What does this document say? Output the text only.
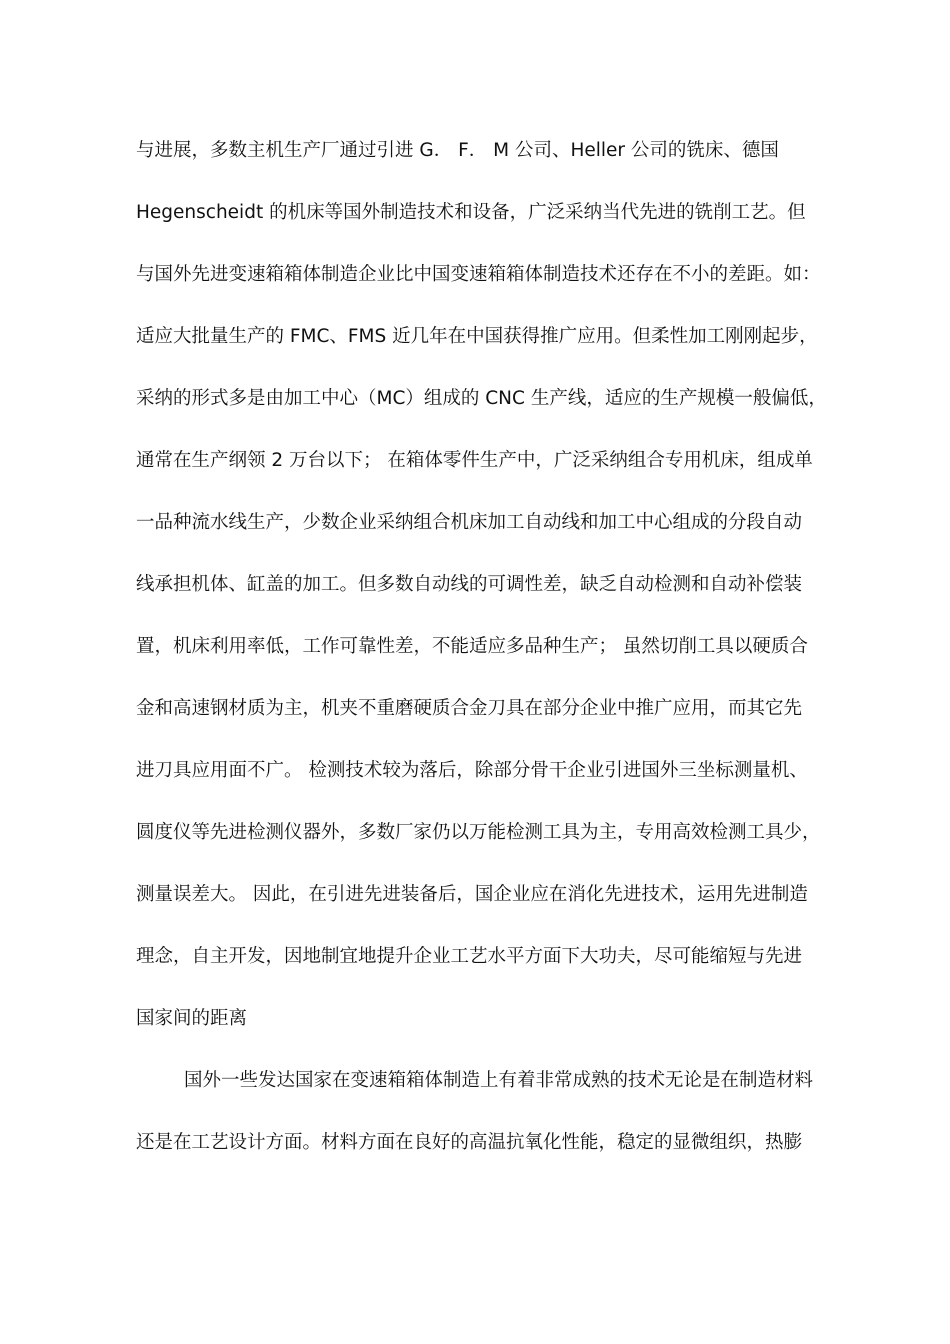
与进展，多数主机生产厂通过引进 G． F． M 公司、Heller 公司的铣床、德国
Hegenscheidt 的机床等国外制造技术和设备，广泛采纳当代先进的铣削工艺。但
与国外先进变速箱箱体制造企业比中国变速箱箱体制造技术还存在不小的差距。如：
适应大批量生产的 FMC、FMS 近几年在中国获得推广应用。但柔性加工刚刚起步，
采纳的形式多是由加工中心（MC）组成的 CNC 生产线，适应的生产规模一般偏低，
通常在生产纲领 2 万台以下； 在箱体零件生产中，广泛采纳组合专用机床，组成单
一品种流水线生产，少数企业采纳组合机床加工自动线和加工中心组成的分段自动
线承担机体、缸盖的加工。但多数自动线的可调性差，缺乏自动检测和自动补偿装
置，机床利用率低，工作可靠性差，不能适应多品种生产； 虽然切削工具以硬质合
金和高速钢材质为主，机夹不重磨硬质合金刀具在部分企业中推广应用，而其它先
进刀具应用面不广。 检测技术较为落后，除部分骨干企业引进国外三坐标测量机、
圆度仪等先进检测仪器外，多数厂家仍以万能检测工具为主，专用高效检测工具少，
测量误差大。 因此，在引进先进装备后，国企业应在消化先进技术，运用先进制造
理念，自主开发，因地制宜地提升企业工艺水平方面下大功夫，尽可能缩短与先进
国家间的距离
国外一些发达国家在变速箱箱体制造上有着非常成熟的技术无论是在制造材料
还是在工艺设计方面。材料方面在良好的高温抗氧化性能，稳定的显微组织，热膨
